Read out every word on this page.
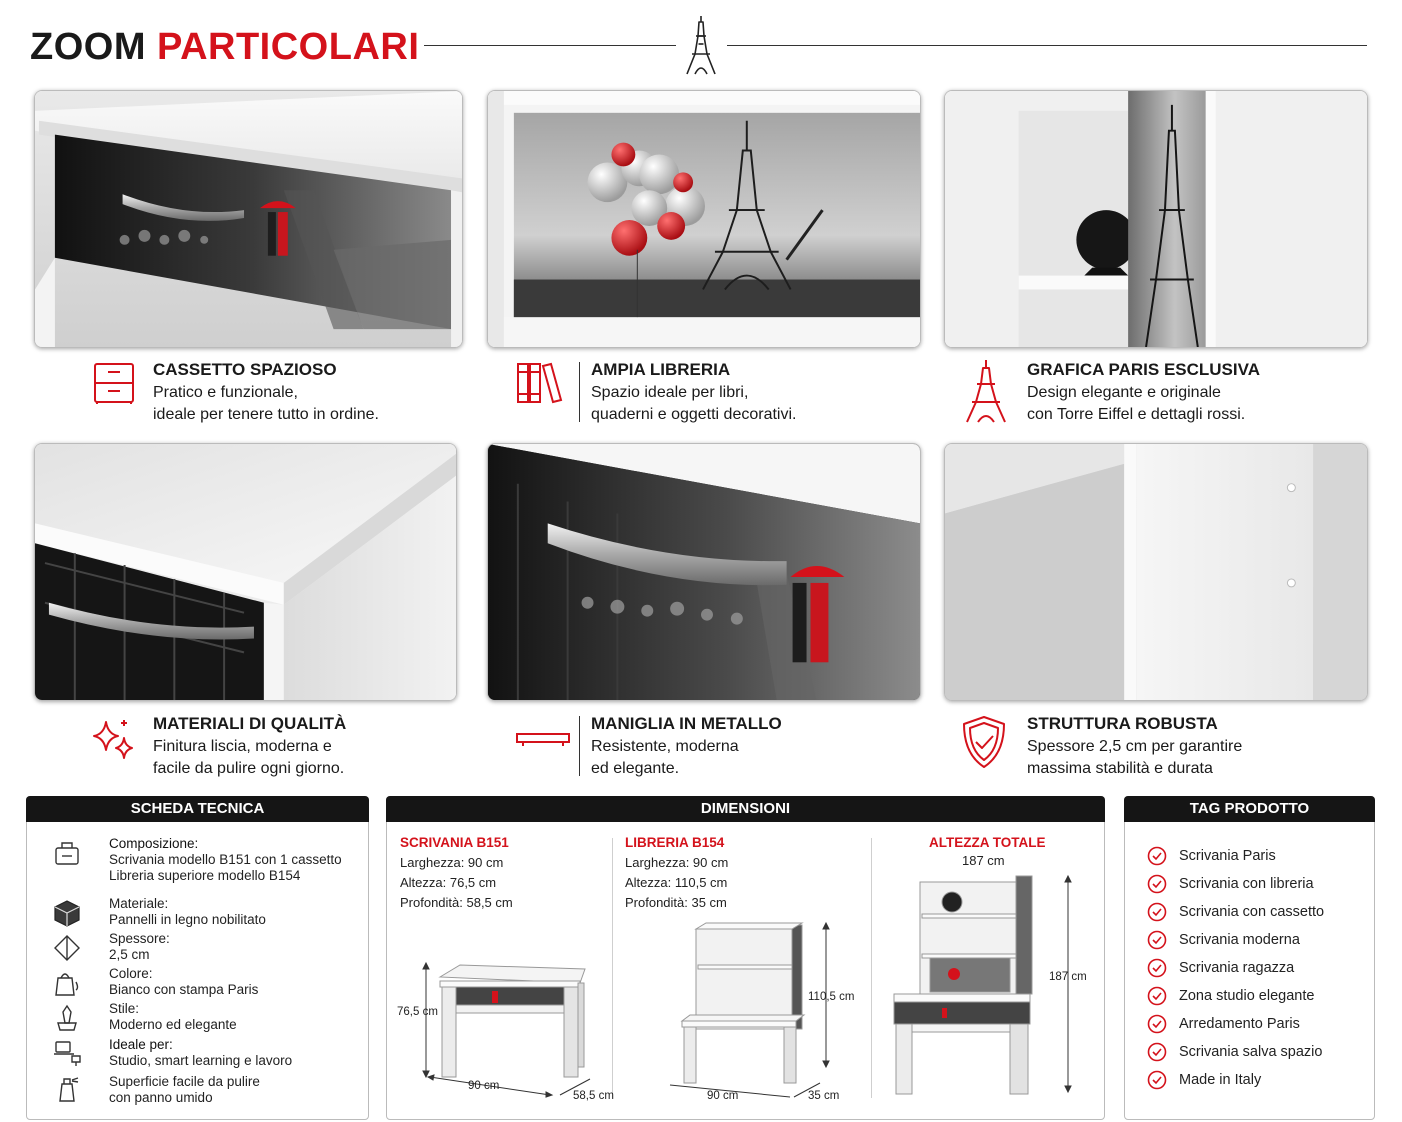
ZOOM PARTICOLARI
CASSETTO SPAZIOSO
Pratico e funzionale,
ideale per tenere tutto in ordine.
AMPIA LIBRERIA
Spazio ideale per libri,
quaderni e oggetti decorativi.
GRAFICA PARIS ESCLUSIVA
Design elegante e originale
con Torre Eiffel e dettagli rossi.
MATERIALI DI QUALITÀ
Finitura liscia, moderna e
facile da pulire ogni giorno.
MANIGLIA IN METALLO
Resistente, moderna
ed elegante.
STRUTTURA ROBUSTA
Spessore 2,5 cm per garantire
massima stabilità e durata
SCHEDA TECNICA
Composizione:
Scrivania modello B151 con 1 cassetto
Libreria superiore modello B154
Materiale:
Pannelli in legno nobilitato
Spessore:
2,5 cm
Colore:
Bianco con stampa Paris
Stile:
Moderno ed elegante
Ideale per:
Studio, smart learning e lavoro
Superficie facile da pulire
con panno umido
DIMENSIONI
SCRIVANIA B151
Larghezza: 90 cm
Altezza: 76,5 cm
Profondità: 58,5 cm
LIBRERIA B154
Larghezza: 90 cm
Altezza: 110,5 cm
Profondità: 35 cm
ALTEZZA TOTALE
187 cm
76,5 cm
90 cm
58,5 cm
110,5 cm
90 cm	35 cm
187 cm
TAG PRODOTTO
Scrivania Paris
Scrivania con libreria
Scrivania con cassetto
Scrivania moderna
Scrivania ragazza
Zona studio elegante
Arredamento Paris
Scrivania salva spazio
Made in Italy
